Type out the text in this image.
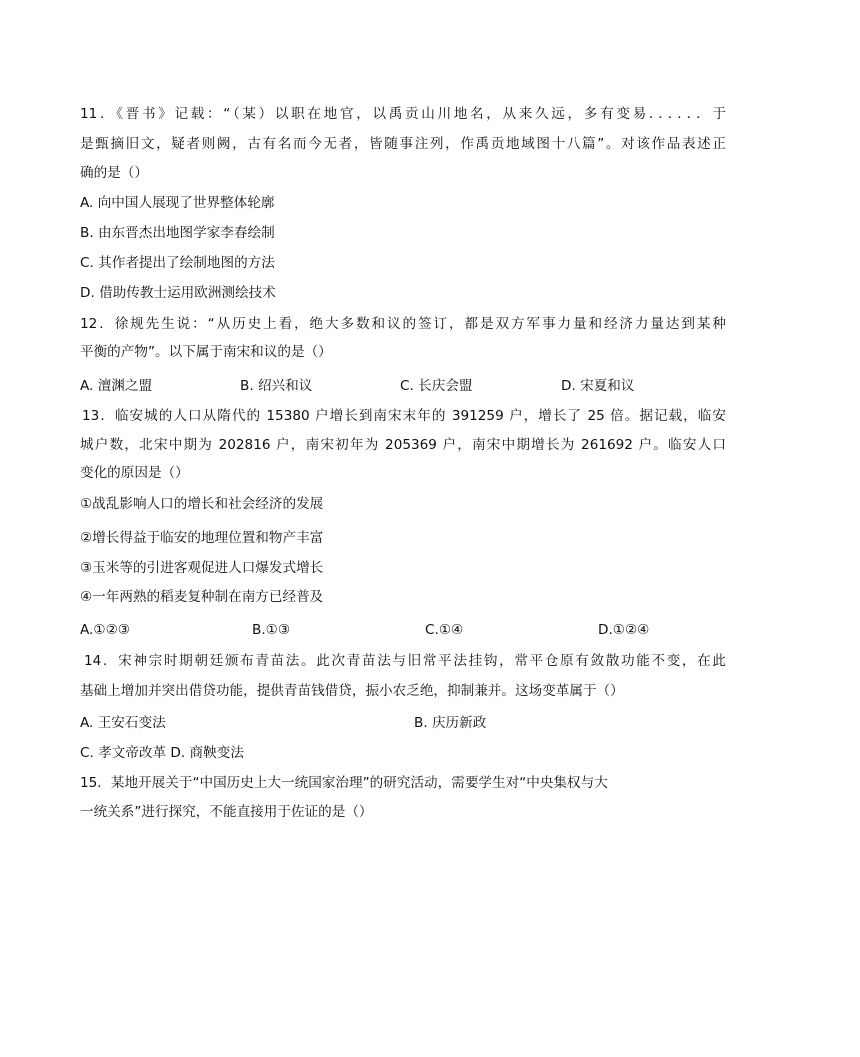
11．《晋书》记载：“（某）以职在地官，以禹贡山川地名，从来久远，多有变易．．．．．．于
是甄摘旧文，疑者则阙，古有名而今无者，皆随事注列，作禹贡地域图十八篇”。对该作品表述正
确的是（）
A. 向中国人展现了世界整体轮廓
B. 由东晋杰出地图学家李春绘制
C. 其作者提出了绘制地图的方法
D. 借助传教士运用欧洲测绘技术
12．徐规先生说：“从历史上看，绝大多数和议的签订，都是双方军事力量和经济力量达到某种
平衡的产物”。以下属于南宋和议的是（）
A. 澶渊之盟	B. 绍兴和议	C. 长庆会盟	D. 宋夏和议
13．临安城的人口从隋代的 15380 户增长到南宋末年的 391259 户，增长了 25 倍。据记载，临安
城户数，北宋中期为 202816 户，南宋初年为 205369 户，南宋中期增长为 261692 户。临安人口
变化的原因是（）
①战乱影响人口的增长和社会经济的发展
②增长得益于临安的地理位置和物产丰富
③玉米等的引进客观促进人口爆发式增长
④一年两熟的稻麦复种制在南方已经普及
A.①②③	B.①③	C.①④	D.①②④
14．宋神宗时期朝廷颁布青苗法。此次青苗法与旧常平法挂钩，常平仓原有敛散功能不变，在此
基础上增加并突出借贷功能，提供青苗钱借贷，振小农乏绝，抑制兼并。这场变革属于（）
A. 王安石变法	B. 庆历新政
C. 孝文帝改革 D. 商鞅变法
15．某地开展关于“中国历史上大一统国家治理”的研究活动，需要学生对“中央集权与大
一统关系”进行探究，不能直接用于佐证的是（）
